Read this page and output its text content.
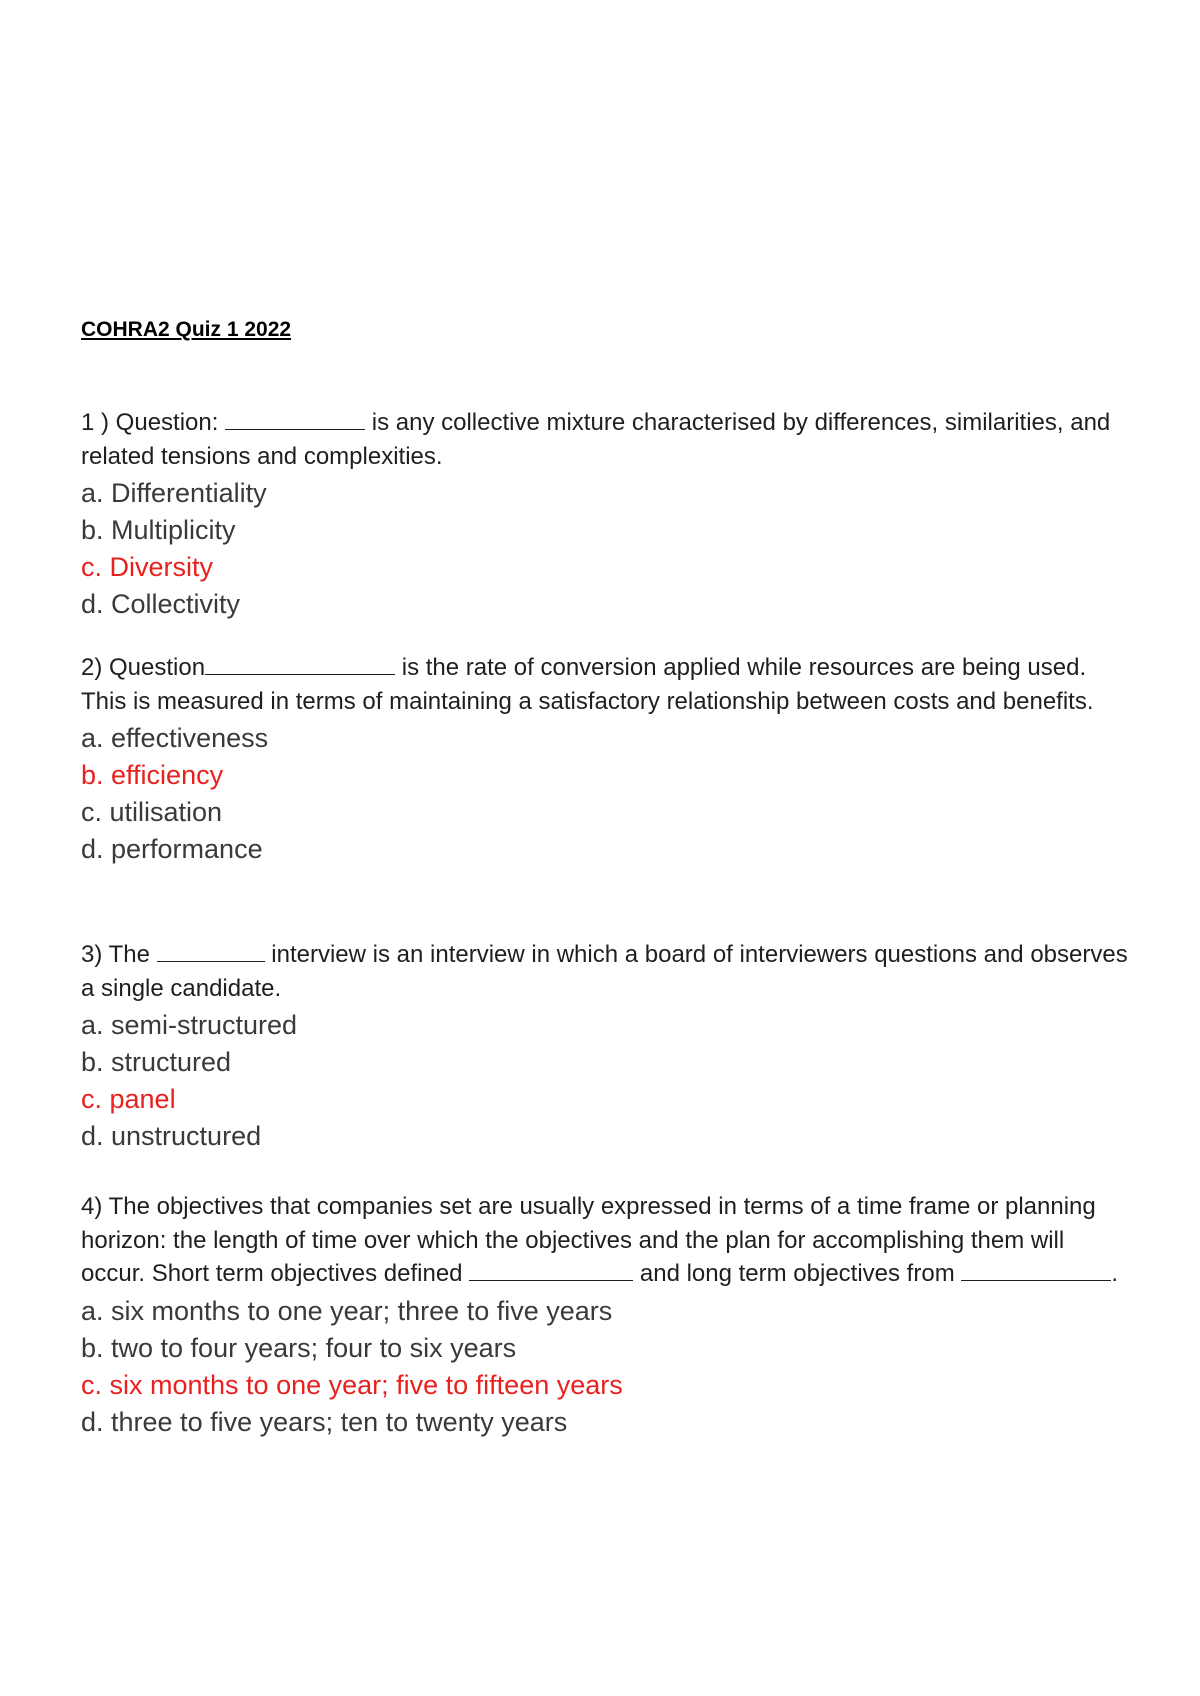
COHRA2 Quiz 1 2022

1 ) Question:	is any collective mixture characterised by differences, similarities, and related tensions and complexities.

a. Differentiality
b. Multiplicity
c. Diversity
d. Collectivity

2) Question	is the rate of conversion applied while resources are being used. This is measured in terms of maintaining a satisfactory relationship between costs and benefits.

a. effectiveness
b. efficiency
c. utilisation
d. performance

3) The	interview is an interview in which a board of interviewers questions and observes a single candidate.

a. semi-structured
b. structured
c. panel
d. unstructured

4) The objectives that companies set are usually expressed in terms of a time frame or planning horizon: the length of time over which the objectives and the plan for accomplishing them will occur. Short term objectives defined	and long term objectives from	.

a. six months to one year; three to five years
b. two to four years; four to six years
c. six months to one year; five to fifteen years
d. three to five years; ten to twenty years
